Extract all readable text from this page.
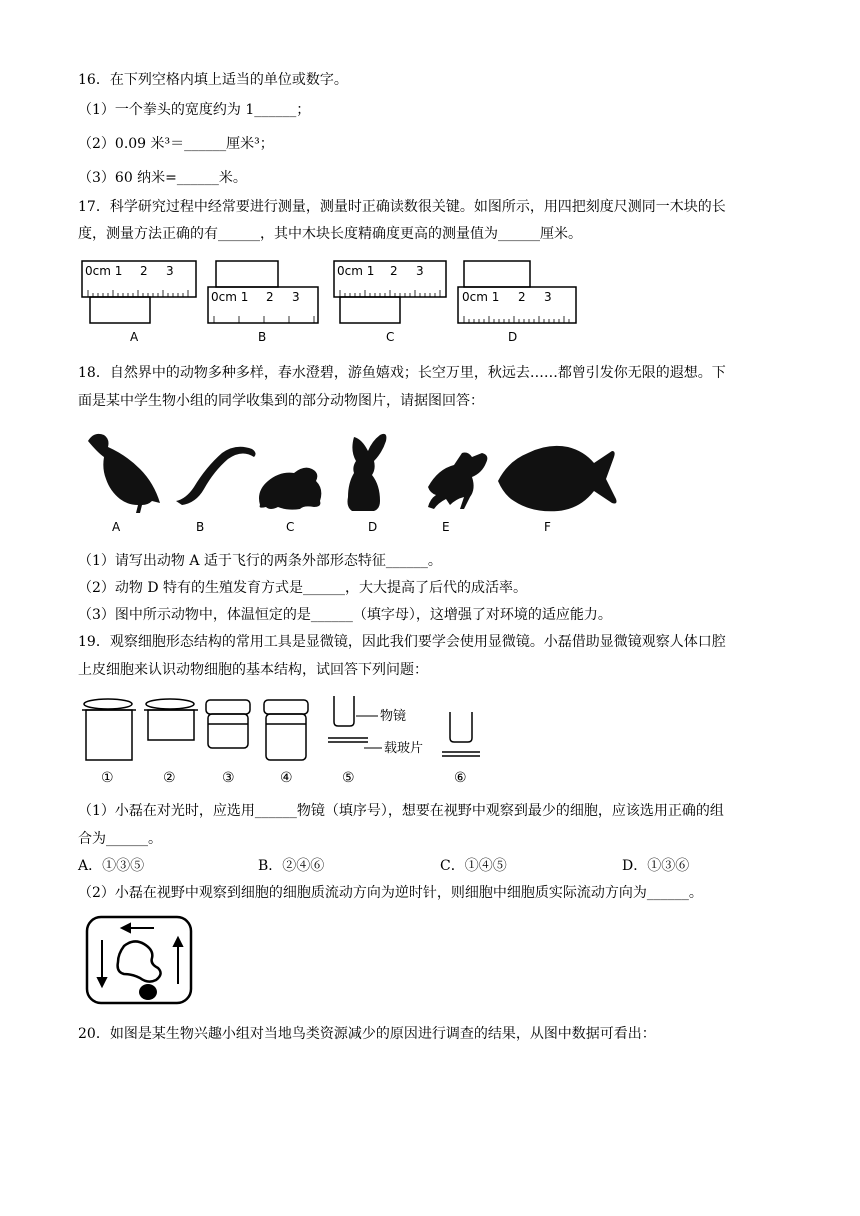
16．在下列空格内填上适当的单位或数字。
（1）一个拳头的宽度约为 1______；
（2）0.09 米³＝______厘米³；
（3）60 纳米=______米。
17．科学研究过程中经常要进行测量，测量时正确读数很关键。如图所示，用四把刻度尺测同一木块的长
度，测量方法正确的有______，其中木块长度精确度更高的测量值为______厘米。
0cm 1 2 3
0cm 1 2 3
0cm 1 2 3
0cm 1 2 3
A	B	C	D
18．自然界中的动物多种多样，春水澄碧，游鱼嬉戏；长空万里，秋远去……都曾引发你无限的遐想。下
面是某中学生物小组的同学收集到的部分动物图片，请据图回答：
A	B	C	D	E	F
（1）请写出动物 A 适于飞行的两条外部形态特征______。
（2）动物 D 特有的生殖发育方式是______，大大提高了后代的成活率。
（3）图中所示动物中，体温恒定的是______（填字母），这增强了对环境的适应能力。
19．观察细胞形态结构的常用工具是显微镜，因此我们要学会使用显微镜。小磊借助显微镜观察人体口腔
上皮细胞来认识动物细胞的基本结构，试回答下列问题：
物镜
载玻片
①	②	③	④	⑤	⑥
（1）小磊在对光时，应选用______物镜（填序号），想要在视野中观察到最少的细胞，应该选用正确的组
合为______。
A．①③⑤	B．②④⑥	C．①④⑤	D．①③⑥
（2）小磊在视野中观察到细胞的细胞质流动方向为逆时针，则细胞中细胞质实际流动方向为______。
20．如图是某生物兴趣小组对当地鸟类资源减少的原因进行调查的结果，从图中数据可看出：
